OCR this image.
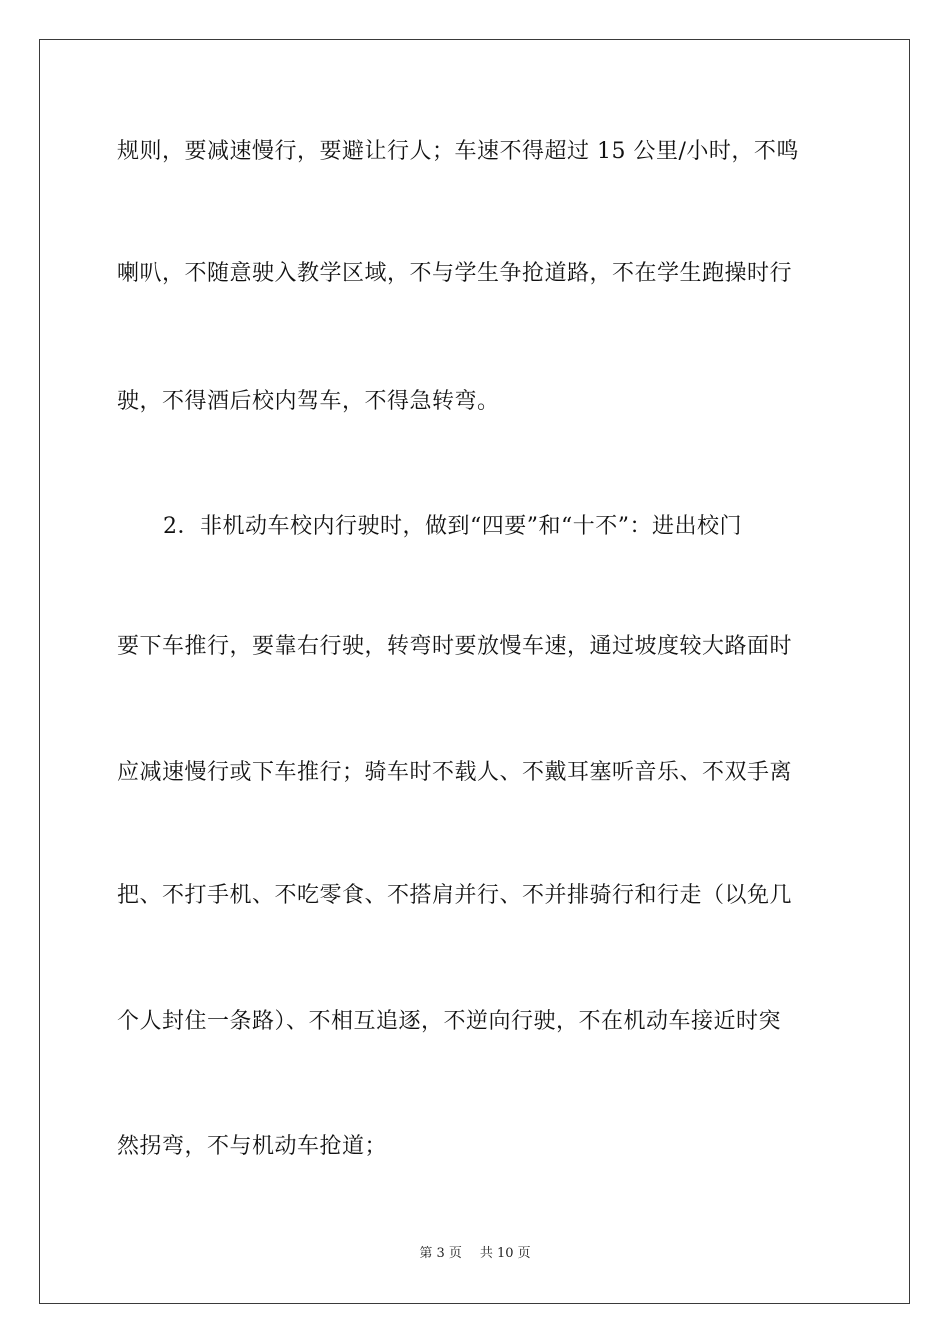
规则，要减速慢行，要避让行人；车速不得超过 15 公里/小时，不鸣
喇叭，不随意驶入教学区域，不与学生争抢道路，不在学生跑操时行
驶，不得酒后校内驾车，不得急转弯。
2．非机动车校内行驶时，做到“四要”和“十不”：进出校门
要下车推行，要靠右行驶，转弯时要放慢车速，通过坡度较大路面时
应减速慢行或下车推行；骑车时不载人、不戴耳塞听音乐、不双手离
把、不打手机、不吃零食、不搭肩并行、不并排骑行和行走（以免几
个人封住一条路）、不相互追逐，不逆向行驶，不在机动车接近时突
然拐弯，不与机动车抢道；
第 3 页 共 10 页
